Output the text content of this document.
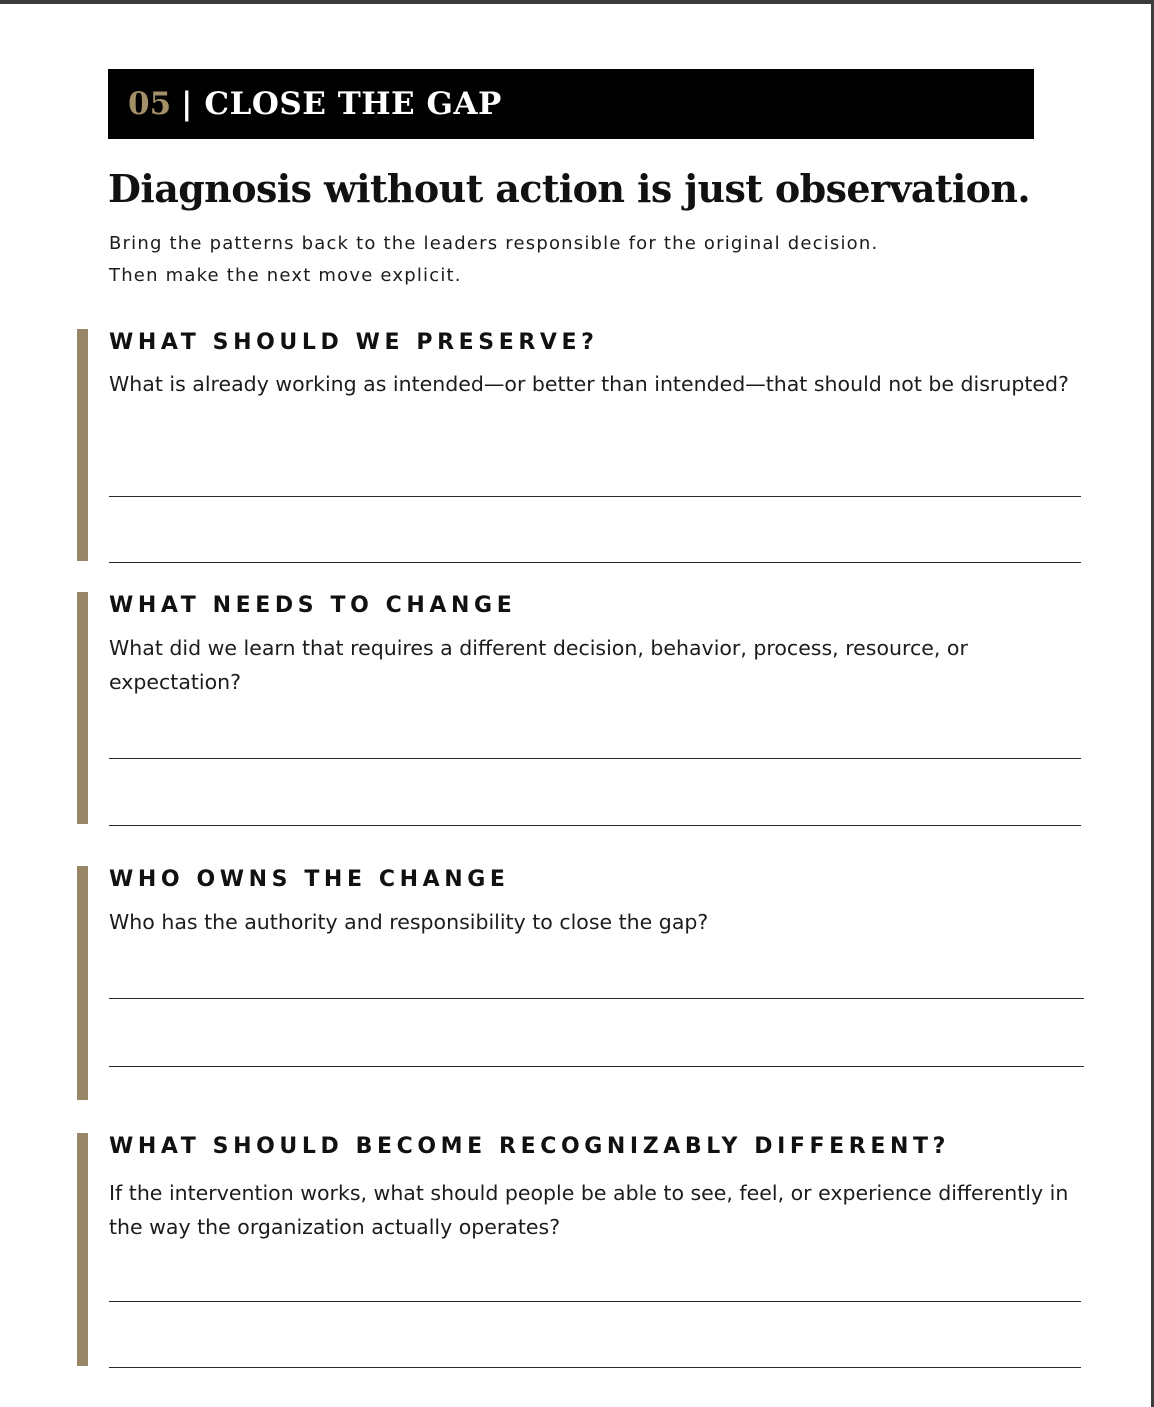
05 | CLOSE THE GAP
Diagnosis without action is just observation.
Bring the patterns back to the leaders responsible for the original decision.
Then make the next move explicit.
WHAT SHOULD WE PRESERVE?

What is already working as intended—or better than intended—that should not be disrupted?

WHAT NEEDS TO CHANGE

What did we learn that requires a different decision, behavior, process, resource, or expectation?

WHO OWNS THE CHANGE

Who has the authority and responsibility to close the gap?

WHAT SHOULD BECOME RECOGNIZABLY DIFFERENT?

If the intervention works, what should people be able to see, feel, or experience differently in the way the organization actually operates?
